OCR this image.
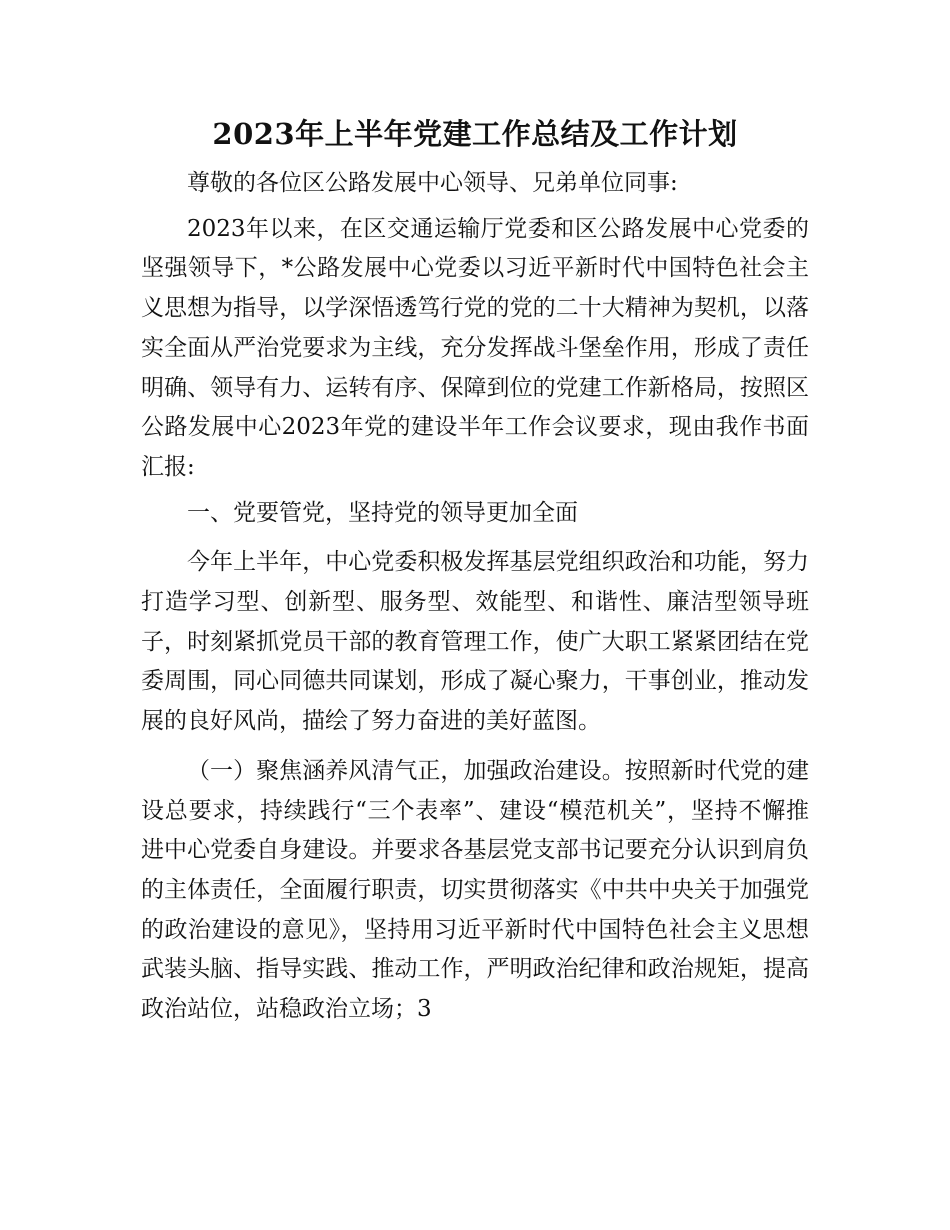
2023年上半年党建工作总结及工作计划

尊敬的各位区公路发展中心领导、兄弟单位同事:

2023年以来，在区交通运输厅党委和区公路发展中心党委的坚强领导下，*公路发展中心党委以习近平新时代中国特色社会主义思想为指导，以学深悟透笃行党的党的二十大精神为契机，以落实全面从严治党要求为主线，充分发挥战斗堡垒作用，形成了责任明确、领导有力、运转有序、保障到位的党建工作新格局，按照区公路发展中心2023年党的建设半年工作会议要求，现由我作书面汇报:

一、党要管党，坚持党的领导更加全面

今年上半年，中心党委积极发挥基层党组织政治和功能，努力打造学习型、创新型、服务型、效能型、和谐性、廉洁型领导班子，时刻紧抓党员干部的教育管理工作，使广大职工紧紧团结在党委周围，同心同德共同谋划，形成了凝心聚力，干事创业，推动发展的良好风尚，描绘了努力奋进的美好蓝图。

（一）聚焦涵养风清气正，加强政治建设。按照新时代党的建设总要求，持续践行“三个表率”、建设“模范机关”，坚持不懈推进中心党委自身建设。并要求各基层党支部书记要充分认识到肩负的主体责任，全面履行职责，切实贯彻落实《中共中央关于加强党的政治建设的意见》，坚持用习近平新时代中国特色社会主义思想武装头脑、指导实践、推动工作，严明政治纪律和政治规矩，提高政治站位，站稳政治立场；3
